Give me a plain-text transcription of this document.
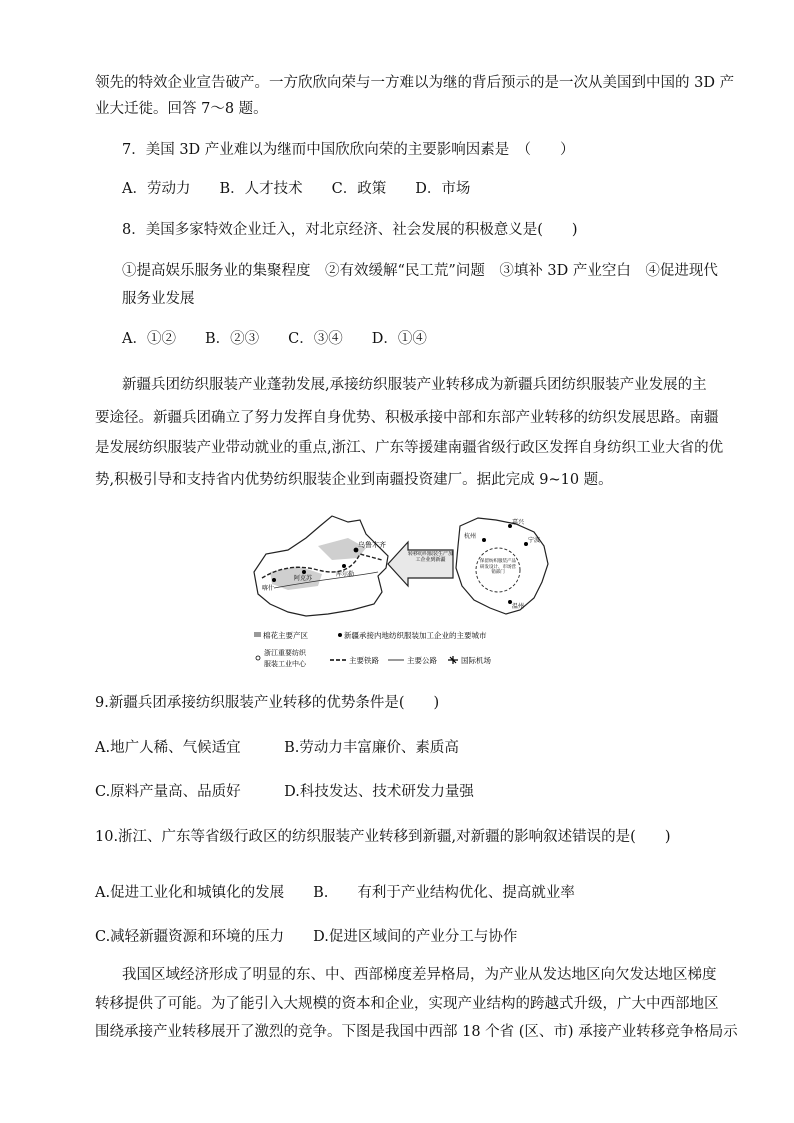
领先的特效企业宣告破产。一方欣欣向荣与一方难以为继的背后预示的是一次从美国到中国的 3D 产
业大迁徙。回答 7～8 题。
7．美国 3D 产业难以为继而中国欣欣向荣的主要影响因素是　（　　）
A．劳动力　　B．人才技术　　C．政策　　D．市场
8．美国多家特效企业迁入，对北京经济、社会发展的积极意义是(　　)
①提高娱乐服务业的集聚程度　②有效缓解“民工荒”问题　③填补 3D 产业空白　④促进现代
服务业发展
A．①②　　B．②③　　C．③④　　D．①④
新疆兵团纺织服装产业蓬勃发展,承接纺织服装产业转移成为新疆兵团纺织服装产业发展的主
要途径。新疆兵团确立了努力发挥自身优势、积极承接中部和东部产业转移的纺织发展思路。南疆
是发展纺织服装产业带动就业的重点,浙江、广东等援建南疆省级行政区发挥自身纺织工业大省的优
势,积极引导和支持省内优势纺织服装企业到南疆投资建厂。据此完成 9~10 题。
乌鲁木齐
库尔勒
阿克苏
喀什
转移纺织服装生产加工企业到新疆	保留纺织服装产品研发设计、市场营销部门
杭州
嘉兴
宁波
温州
棉花主要产区	新疆承接内地纺织服装加工企业的主要城市
浙江重要纺织
服装工业中心	主要铁路	主要公路	国际机场
9.新疆兵团承接纺织服装产业转移的优势条件是(　　)
A.地广人稀、气候适宜　　　B.劳动力丰富廉价、素质高
C.原料产量高、品质好　　　D.科技发达、技术研发力量强
10.浙江、广东等省级行政区的纺织服装产业转移到新疆,对新疆的影响叙述错误的是(　　)
A.促进工业化和城镇化的发展　　B.　　有利于产业结构优化、提高就业率
C.减轻新疆资源和环境的压力　　D.促进区域间的产业分工与协作
我国区域经济形成了明显的东、中、西部梯度差异格局，为产业从发达地区向欠发达地区梯度
转移提供了可能。为了能引入大规模的资本和企业，实现产业结构的跨越式升级，广大中西部地区
围绕承接产业转移展开了激烈的竞争。下图是我国中西部 18 个省 (区、市) 承接产业转移竞争格局示
